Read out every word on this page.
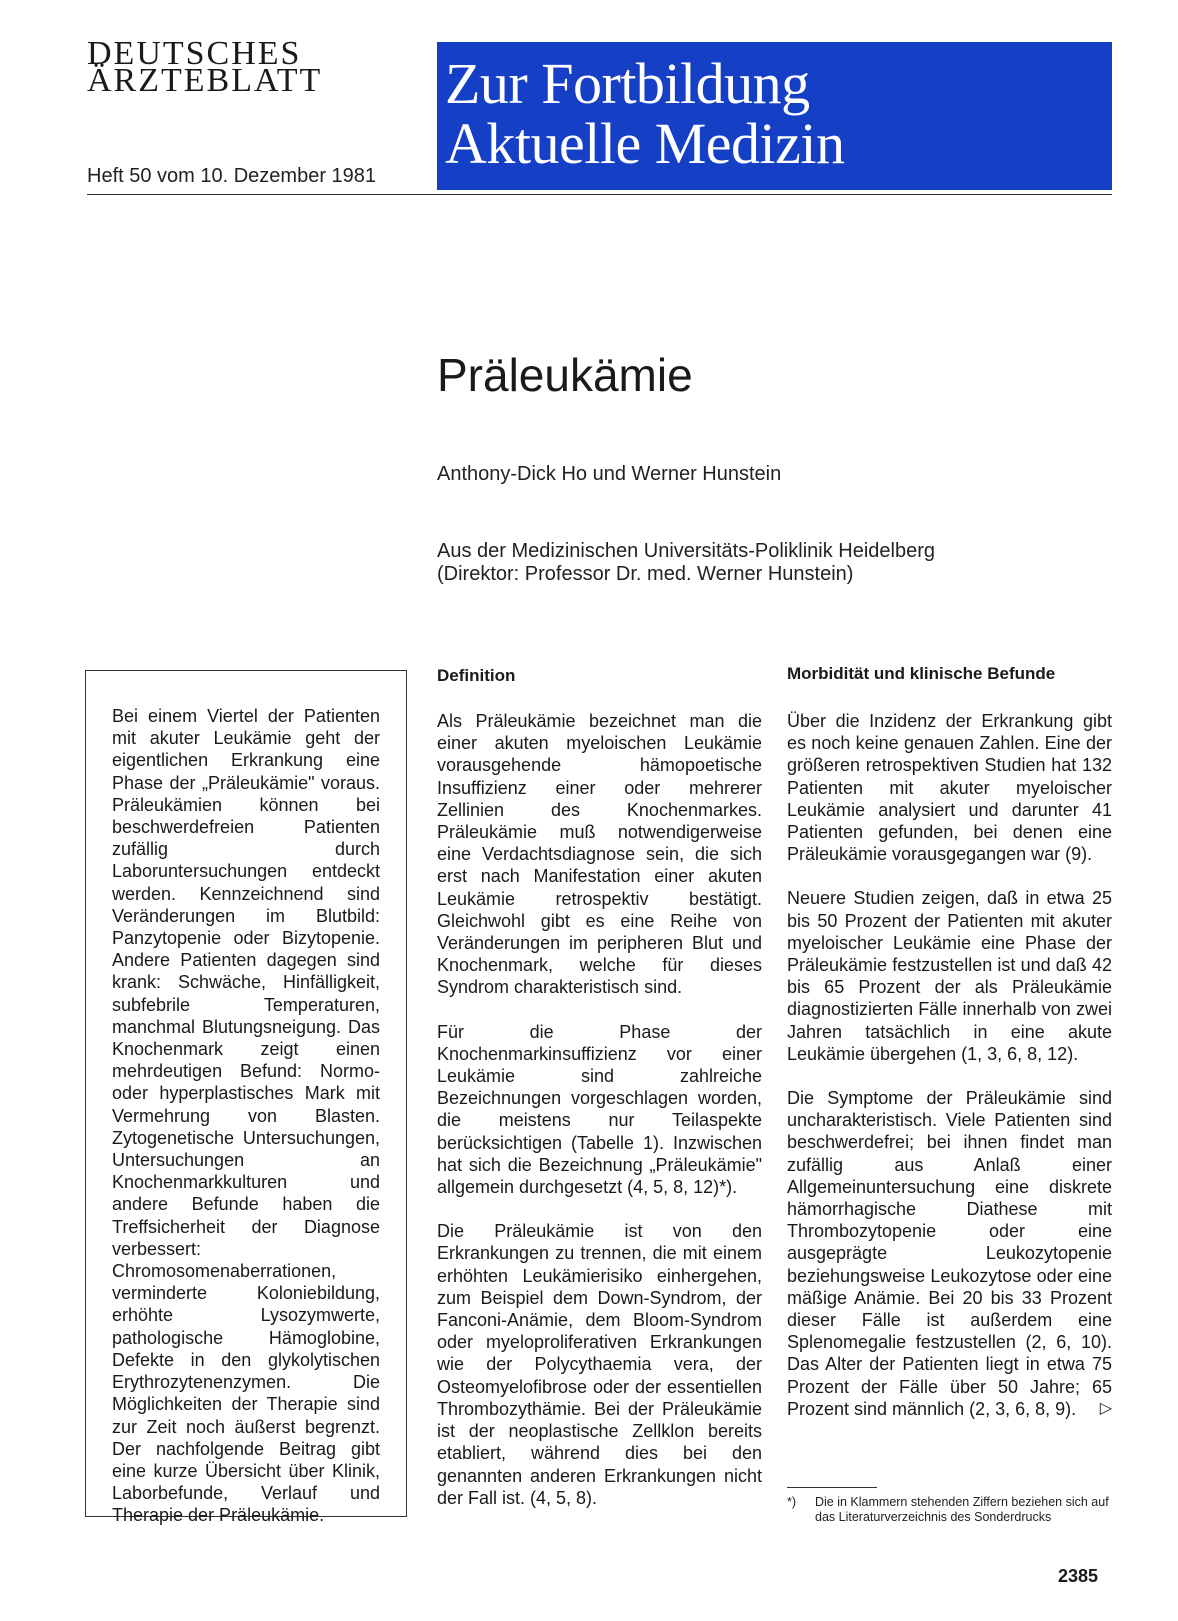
DEUTSCHES
ÄRZTEBLATT
Heft 50 vom 10. Dezember 1981
Zur Fortbildung
Aktuelle Medizin
Präleukämie
Anthony-Dick Ho und Werner Hunstein
Aus der Medizinischen Universitäts-Poliklinik Heidelberg
(Direktor: Professor Dr. med. Werner Hunstein)
Bei einem Viertel der Patienten mit akuter Leukämie geht der eigentlichen Erkrankung eine Phase der „Präleukämie" voraus. Präleukämien können bei beschwerdefreien Patienten zufällig durch Laboruntersuchungen entdeckt werden. Kennzeichnend sind Veränderungen im Blutbild: Panzytopenie oder Bizytopenie. Andere Patienten dagegen sind krank: Schwäche, Hinfälligkeit, subfebrile Temperaturen, manchmal Blutungsneigung. Das Knochenmark zeigt einen mehrdeutigen Befund: Normo- oder hyperplastisches Mark mit Vermehrung von Blasten. Zytogenetische Untersuchungen, Untersuchungen an Knochenmarkkulturen und andere Befunde haben die Treffsicherheit der Diagnose verbessert: Chromosomenaberrationen, verminderte Koloniebildung, erhöhte Lysozymwerte, pathologische Hämoglobine, Defekte in den glykolytischen Erythrozytenenzymen. Die Möglichkeiten der Therapie sind zur Zeit noch äußerst begrenzt. Der nachfolgende Beitrag gibt eine kurze Übersicht über Klinik, Laborbefunde, Verlauf und Therapie der Präleukämie.
Definition

Als Präleukämie bezeichnet man die einer akuten myeloischen Leukämie vorausgehende hämopoetische Insuffizienz einer oder mehrerer Zellinien des Knochenmarkes. Präleukämie muß notwendigerweise eine Verdachtsdiagnose sein, die sich erst nach Manifestation einer akuten Leukämie retrospektiv bestätigt. Gleichwohl gibt es eine Reihe von Veränderungen im peripheren Blut und Knochenmark, welche für dieses Syndrom charakteristisch sind.

Für die Phase der Knochenmarkinsuffizienz vor einer Leukämie sind zahlreiche Bezeichnungen vorgeschlagen worden, die meistens nur Teilaspekte berücksichtigen (Tabelle 1). Inzwischen hat sich die Bezeichnung „Präleukämie" allgemein durchgesetzt (4, 5, 8, 12)*).

Die Präleukämie ist von den Erkrankungen zu trennen, die mit einem erhöhten Leukämierisiko einhergehen, zum Beispiel dem Down-Syndrom, der Fanconi-Anämie, dem Bloom-Syndrom oder myeloproliferativen Erkrankungen wie der Polycythaemia vera, der Osteomyelofibrose oder der essentiellen Thrombozythämie. Bei der Präleukämie ist der neoplastische Zellklon bereits etabliert, während dies bei den genannten anderen Erkrankungen nicht der Fall ist. (4, 5, 8).

Morbidität und klinische Befunde

Über die Inzidenz der Erkrankung gibt es noch keine genauen Zahlen. Eine der größeren retrospektiven Studien hat 132 Patienten mit akuter myeloischer Leukämie analysiert und darunter 41 Patienten gefunden, bei denen eine Präleukämie vorausgegangen war (9).

Neuere Studien zeigen, daß in etwa 25 bis 50 Prozent der Patienten mit akuter myeloischer Leukämie eine Phase der Präleukämie festzustellen ist und daß 42 bis 65 Prozent der als Präleukämie diagnostizierten Fälle innerhalb von zwei Jahren tatsächlich in eine akute Leukämie übergehen (1, 3, 6, 8, 12).

Die Symptome der Präleukämie sind uncharakteristisch. Viele Patienten sind beschwerdefrei; bei ihnen findet man zufällig aus Anlaß einer Allgemeinuntersuchung eine diskrete hämorrhagische Diathese mit Thrombozytopenie oder eine ausgeprägte Leukozytopenie beziehungsweise Leukozytose oder eine mäßige Anämie. Bei 20 bis 33 Prozent dieser Fälle ist außerdem eine Splenomegalie festzustellen (2, 6, 10). Das Alter der Patienten liegt in etwa 75 Prozent der Fälle über 50 Jahre; 65 Prozent sind männlich (2, 3, 6, 8, 9). ▷

*) Die in Klammern stehenden Ziffern beziehen sich auf das Literaturverzeichnis des Sonderdrucks
2385
